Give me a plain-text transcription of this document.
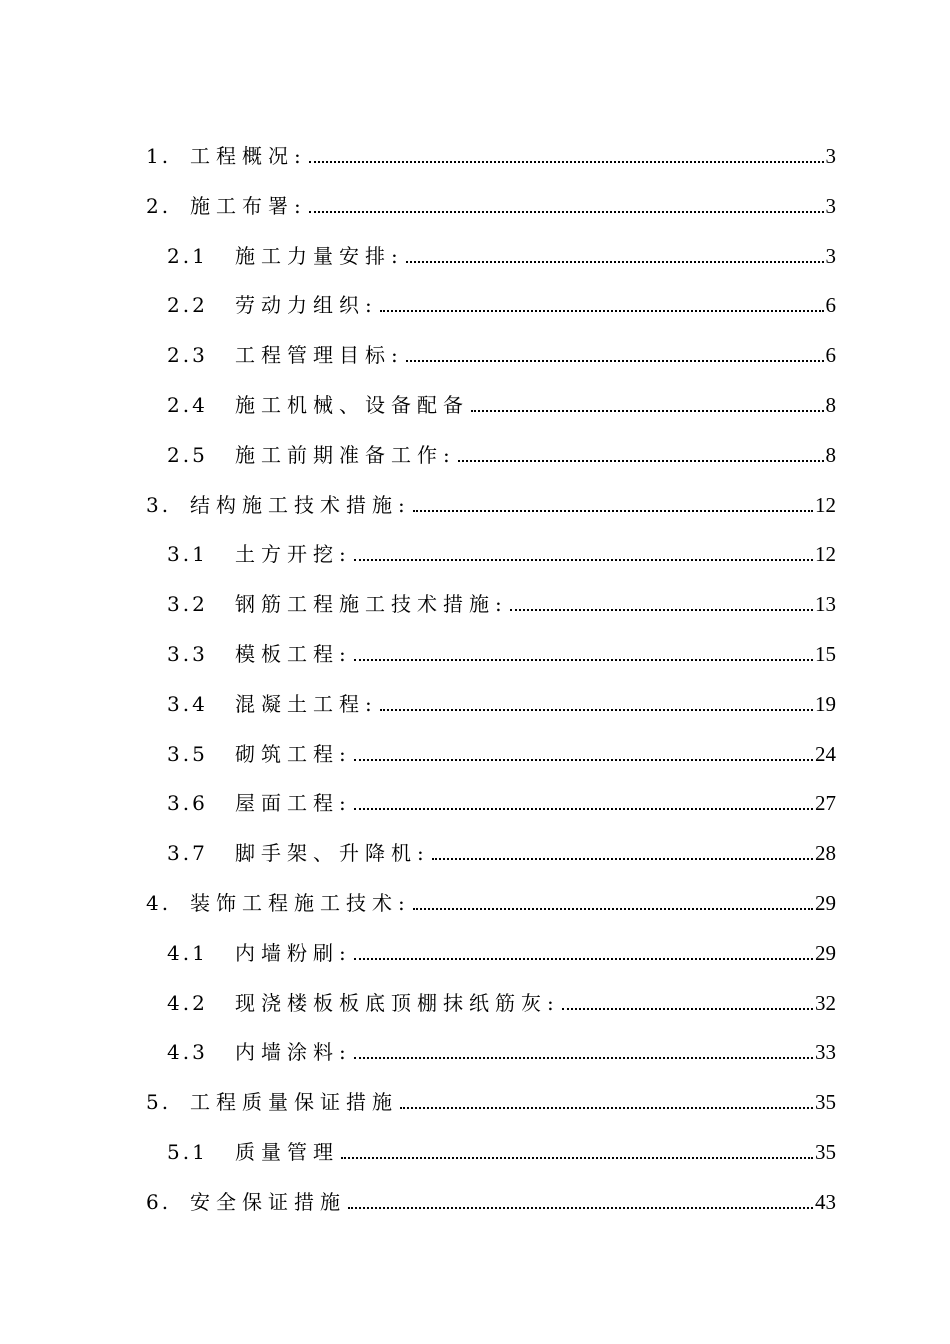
1. 工程概况:	3
2. 施工布署:	3
2.1	施工力量安排:	3
2.2	劳动力组织:	6
2.3	工程管理目标:	6
2.4	施工机械、设备配备	8
2.5	施工前期准备工作:	8
3. 结构施工技术措施:	12
3.1	土方开挖:	12
3.2	钢筋工程施工技术措施:	13
3.3	模板工程:	15
3.4	混凝土工程:	19
3.5	砌筑工程:	24
3.6	屋面工程:	27
3.7	脚手架、升降机:	28
4. 装饰工程施工技术:	29
4.1	内墙粉刷:	29
4.2	现浇楼板板底顶棚抹纸筋灰:	32
4.3	内墙涂料:	33
5. 工程质量保证措施	35
5.1	质量管理	35
6. 安全保证措施	43
